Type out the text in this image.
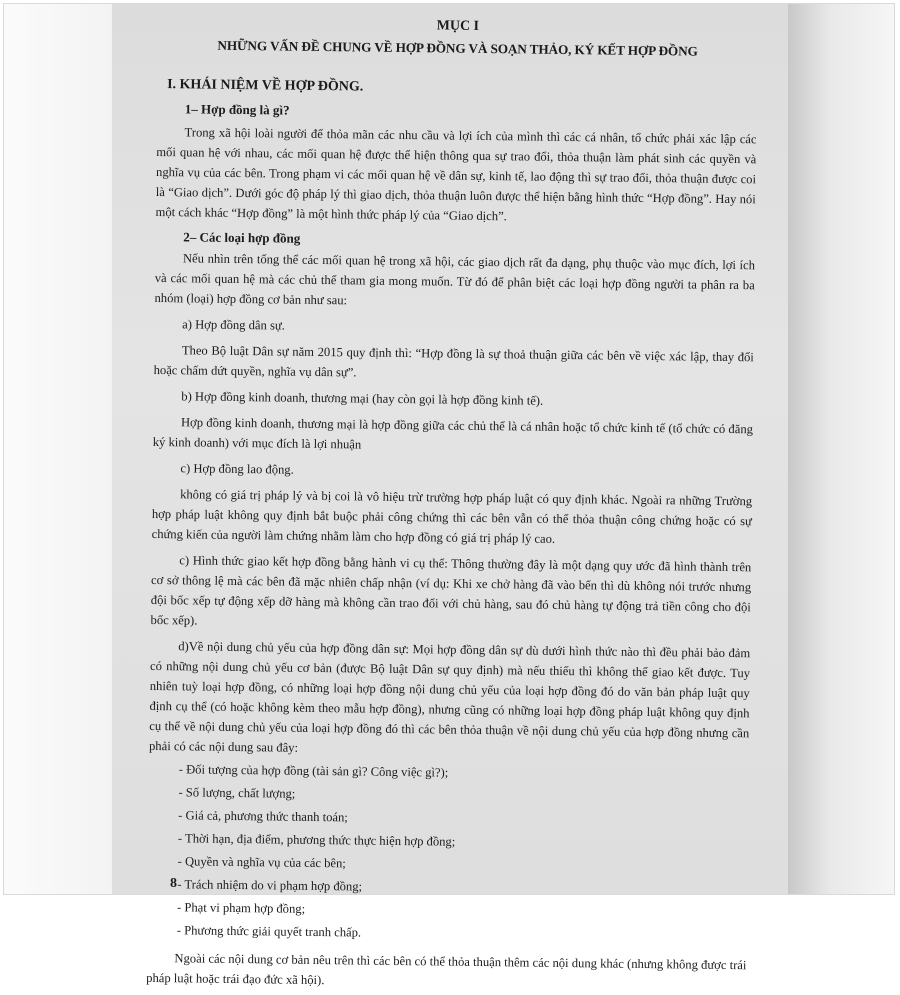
MỤC I
NHỮNG VẤN ĐỀ CHUNG VỀ HỢP ĐỒNG VÀ SOẠN THẢO, KÝ KẾT HỢP ĐỒNG
I. KHÁI NIỆM VỀ HỢP ĐỒNG.
1– Hợp đồng là gì?

Trong xã hội loài người để thỏa mãn các nhu cầu và lợi ích của mình thì các cá nhân, tổ chức phải xác lập các mối quan hệ với nhau, các mối quan hệ được thể hiện thông qua sự trao đổi, thỏa thuận làm phát sinh các quyền và nghĩa vụ của các bên. Trong phạm vi các mối quan hệ về dân sự, kinh tế, lao động thì sự trao đổi, thỏa thuận được coi là “Giao dịch”. Dưới góc độ pháp lý thì giao dịch, thỏa thuận luôn được thể hiện bằng hình thức “Hợp đồng”. Hay nói một cách khác “Hợp đồng” là một hình thức pháp lý của “Giao dịch”.

2– Các loại hợp đồng

Nếu nhìn trên tổng thể các mối quan hệ trong xã hội, các giao dịch rất đa dạng, phụ thuộc vào mục đích, lợi ích và các mối quan hệ mà các chủ thể tham gia mong muốn. Từ đó để phân biệt các loại hợp đồng người ta phân ra ba nhóm (loại) hợp đồng cơ bản như sau:

a) Hợp đồng dân sự.

Theo Bộ luật Dân sự năm 2015 quy định thì: “Hợp đồng là sự thoả thuận giữa các bên về việc xác lập, thay đổi hoặc chấm dứt quyền, nghĩa vụ dân sự”.

b) Hợp đồng kinh doanh, thương mại (hay còn gọi là hợp đồng kinh tế).

Hợp đồng kinh doanh, thương mại là hợp đồng giữa các chủ thể là cá nhân hoặc tổ chức kinh tế (tổ chức có đăng ký kinh doanh) với mục đích là lợi nhuận

c) Hợp đồng lao động.

không có giá trị pháp lý và bị coi là vô hiệu trừ trường hợp pháp luật có quy định khác. Ngoài ra những Trường hợp pháp luật không quy định bắt buộc phải công chứng thì các bên vẫn có thể thỏa thuận công chứng hoặc có sự chứng kiến của người làm chứng nhằm làm cho hợp đồng có giá trị pháp lý cao.

c) Hình thức giao kết hợp đồng bằng hành vi cụ thể: Thông thường đây là một dạng quy ước đã hình thành trên cơ sở thông lệ mà các bên đã mặc nhiên chấp nhận (ví dụ: Khi xe chở hàng đã vào bến thì dù không nói trước nhưng đội bốc xếp tự động xếp dỡ hàng mà không cần trao đổi với chủ hàng, sau đó chủ hàng tự động trả tiền công cho đội bốc xếp).

d)Về nội dung chủ yếu của hợp đồng dân sự: Mọi hợp đồng dân sự dù dưới hình thức nào thì đều phải bảo đảm có những nội dung chủ yếu cơ bản (được Bộ luật Dân sự quy định) mà nếu thiếu thì không thể giao kết được. Tuy nhiên tuỳ loại hợp đồng, có những loại hợp đồng nội dung chủ yếu của loại hợp đồng đó do văn bản pháp luật quy định cụ thể (có hoặc không kèm theo mẫu hợp đồng), nhưng cũng có những loại hợp đồng pháp luật không quy định cụ thể về nội dung chủ yếu của loại hợp đồng đó thì các bên thỏa thuận về nội dung chủ yếu của hợp đồng nhưng cần phải có các nội dung sau đây:

- Đối tượng của hợp đồng (tài sản gì? Công việc gì?);
- Số lượng, chất lượng;
- Giá cả, phương thức thanh toán;
- Thời hạn, địa điểm, phương thức thực hiện hợp đồng;
- Quyền và nghĩa vụ của các bên;
- Trách nhiệm do vi phạm hợp đồng;
- Phạt vi phạm hợp đồng;
- Phương thức giải quyết tranh chấp.

Ngoài các nội dung cơ bản nêu trên thì các bên có thể thỏa thuận thêm các nội dung khác (nhưng không được trái pháp luật hoặc trái đạo đức xã hội).

8
